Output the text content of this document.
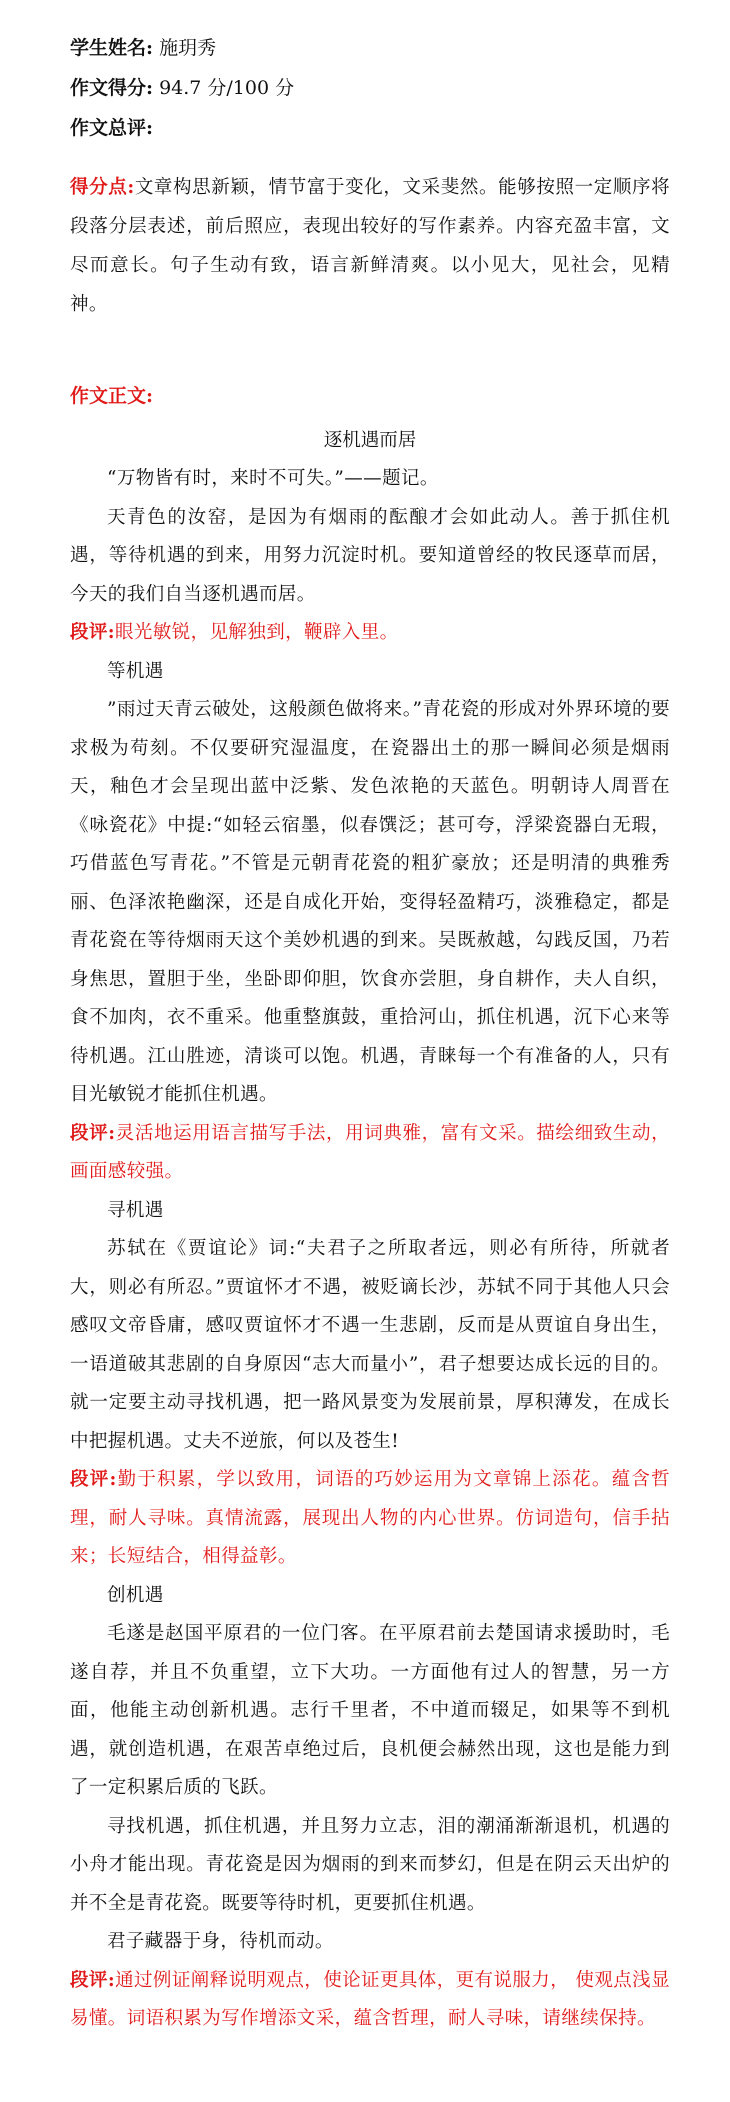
学生姓名: 施玥秀
作文得分: 94.7 分/100 分
作文总评:

得分点:文章构思新颖，情节富于变化，文采斐然。能够按照一定顺序将段落分层表述，前后照应，表现出较好的写作素养。内容充盈丰富，文尽而意长。句子生动有致，语言新鲜清爽。以小见大，见社会，见精神。

作文正文:

逐机遇而居

“万物皆有时，来时不可失。”——题记。

天青色的汝窑，是因为有烟雨的酝酿才会如此动人。善于抓住机遇，等待机遇的到来，用努力沉淀时机。要知道曾经的牧民逐草而居，今天的我们自当逐机遇而居。

段评:眼光敏锐，见解独到，鞭辟入里。

等机遇

”雨过天青云破处，这般颜色做将来。”青花瓷的形成对外界环境的要求极为苟刻。不仅要研究湿温度，在瓷器出土的那一瞬间必须是烟雨天，釉色才会呈现出蓝中泛紫、发色浓艳的天蓝色。明朝诗人周晋在《咏瓷花》中提:“如轻云宿墨，似春馔泛；甚可夸，浮梁瓷器白无瑕，巧借蓝色写青花。”不管是元朝青花瓷的粗犷豪放；还是明清的典雅秀丽、色泽浓艳幽深，还是自成化开始，变得轻盈精巧，淡雅稳定，都是青花瓷在等待烟雨天这个美妙机遇的到来。吴既赦越，勾践反国，乃若身焦思，置胆于坐，坐卧即仰胆，饮食亦尝胆，身自耕作，夫人自织，食不加肉，衣不重采。他重整旗鼓，重拾河山，抓住机遇，沉下心来等待机遇。江山胜迹，清谈可以饱。机遇，青睐每一个有准备的人，只有目光敏锐才能抓住机遇。

段评:灵活地运用语言描写手法，用词典雅，富有文采。描绘细致生动，画面感较强。

寻机遇

苏轼在《贾谊论》词:“夫君子之所取者远，则必有所待，所就者大，则必有所忍。”贾谊怀才不遇，被贬谪长沙，苏轼不同于其他人只会感叹文帝昏庸，感叹贾谊怀才不遇一生悲剧，反而是从贾谊自身出生，一语道破其悲剧的自身原因“志大而量小”，君子想要达成长远的目的。就一定要主动寻找机遇，把一路风景变为发展前景，厚积薄发，在成长中把握机遇。丈夫不逆旅，何以及苍生!

段评:勤于积累，学以致用，词语的巧妙运用为文章锦上添花。蕴含哲理，耐人寻味。真情流露，展现出人物的内心世界。仿词造句，信手拈来；长短结合，相得益彰。

创机遇

毛遂是赵国平原君的一位门客。在平原君前去楚国请求援助时，毛遂自荐，并且不负重望，立下大功。一方面他有过人的智慧，另一方面，他能主动创新机遇。志行千里者，不中道而辍足，如果等不到机遇，就创造机遇，在艰苦卓绝过后，良机便会赫然出现，这也是能力到了一定积累后质的飞跃。

寻找机遇，抓住机遇，并且努力立志，泪的潮涌渐渐退机，机遇的小舟才能出现。青花瓷是因为烟雨的到来而梦幻，但是在阴云天出炉的并不全是青花瓷。既要等待时机，更要抓住机遇。

君子藏器于身，待机而动。

段评:通过例证阐释说明观点，使论证更具体，更有说服力， 使观点浅显易懂。词语积累为写作增添文采，蕴含哲理，耐人寻味，请继续保持。
